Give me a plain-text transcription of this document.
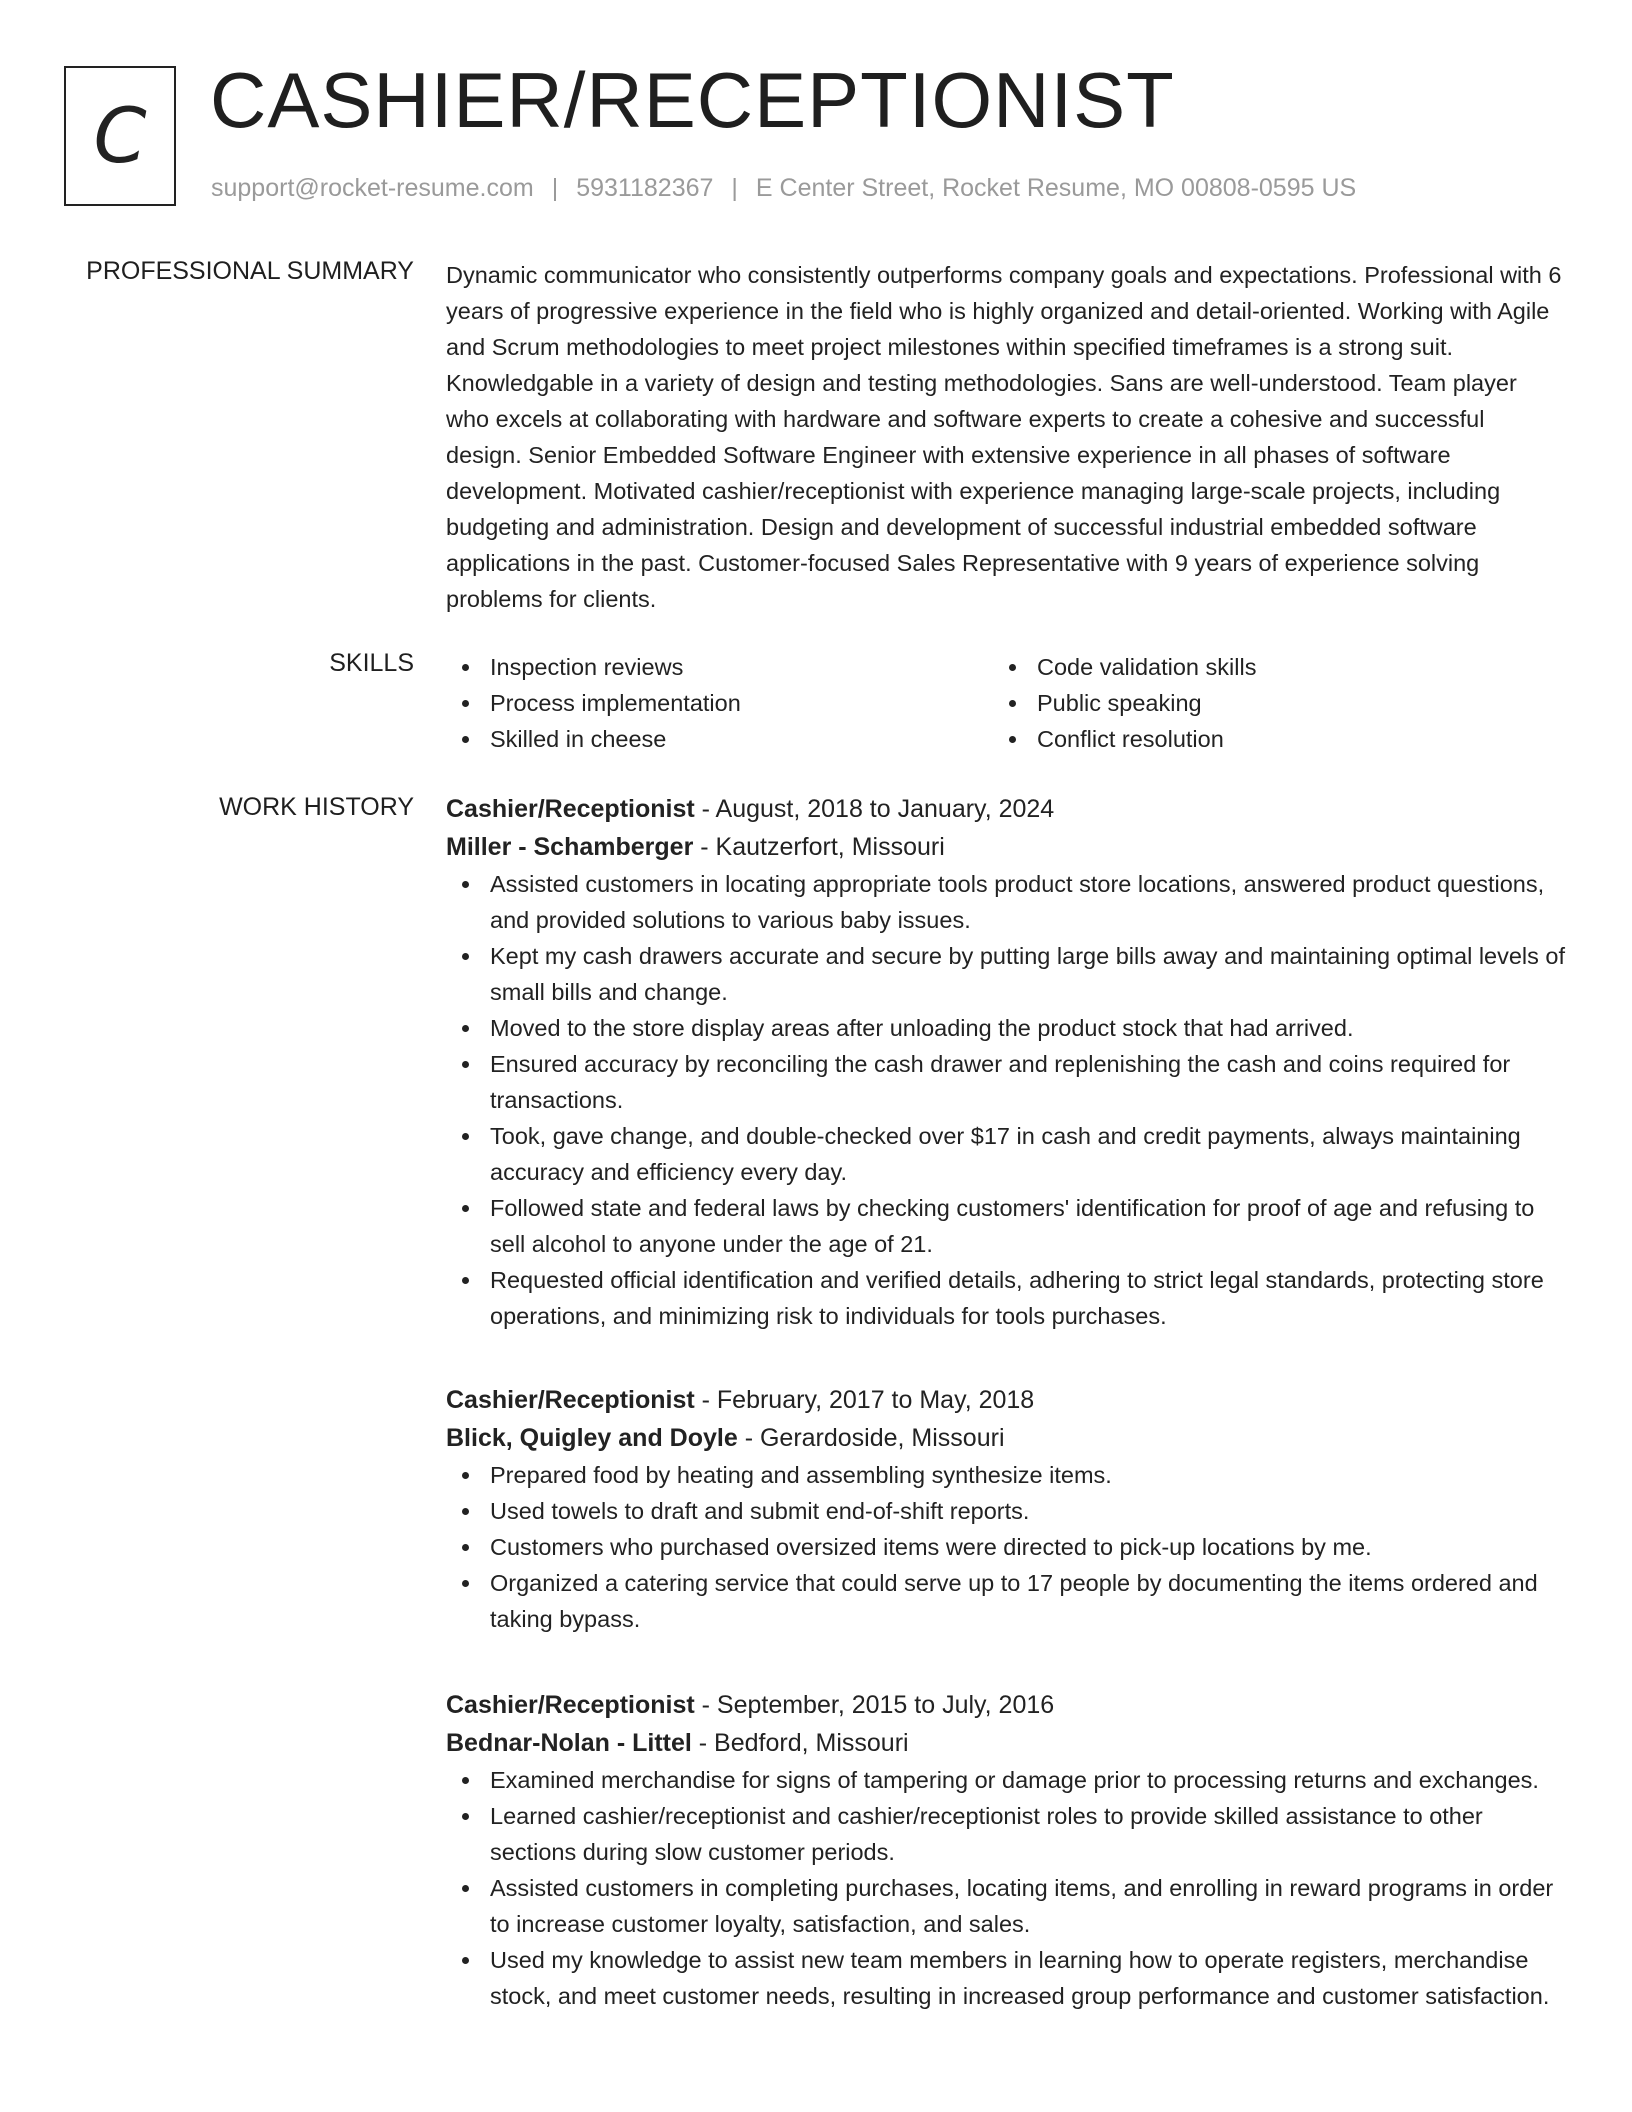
C CASHIER/RECEPTIONIST
support@rocket-resume.com | 5931182367 | E Center Street, Rocket Resume, MO 00808-0595 US
PROFESSIONAL SUMMARY Dynamic communicator who consistently outperforms company goals and expectations. Professional with 6 years of progressive experience in the field who is highly organized and detail-oriented. Working with Agile and Scrum methodologies to meet project milestones within specified timeframes is a strong suit. Knowledgable in a variety of design and testing methodologies. Sans are well-understood. Team player who excels at collaborating with hardware and software experts to create a cohesive and successful design. Senior Embedded Software Engineer with extensive experience in all phases of software development. Motivated cashier/receptionist with experience managing large-scale projects, including budgeting and administration. Design and development of successful industrial embedded software applications in the past. Customer-focused Sales Representative with 9 years of experience solving problems for clients.

SKILLS	Inspection reviews	Code validation skills
Process implementation	Public speaking
Skilled in cheese	Conflict resolution
WORK HISTORY Cashier/Receptionist - August, 2018 to January, 2024
Miller - Schamberger - Kautzerfort, Missouri
Assisted customers in locating appropriate tools product store locations, answered product questions, and provided solutions to various baby issues.
Kept my cash drawers accurate and secure by putting large bills away and maintaining optimal levels of small bills and change.
Moved to the store display areas after unloading the product stock that had arrived.
Ensured accuracy by reconciling the cash drawer and replenishing the cash and coins required for transactions.
Took, gave change, and double-checked over $17 in cash and credit payments, always maintaining accuracy and efficiency every day.
Followed state and federal laws by checking customers' identification for proof of age and refusing to sell alcohol to anyone under the age of 21.
Requested official identification and verified details, adhering to strict legal standards, protecting store operations, and minimizing risk to individuals for tools purchases.
Cashier/Receptionist - February, 2017 to May, 2018
Blick, Quigley and Doyle - Gerardoside, Missouri
Prepared food by heating and assembling synthesize items.
Used towels to draft and submit end-of-shift reports.
Customers who purchased oversized items were directed to pick-up locations by me.
Organized a catering service that could serve up to 17 people by documenting the items ordered and taking bypass.
Cashier/Receptionist - September, 2015 to July, 2016
Bednar-Nolan - Littel - Bedford, Missouri
Examined merchandise for signs of tampering or damage prior to processing returns and exchanges.
Learned cashier/receptionist and cashier/receptionist roles to provide skilled assistance to other sections during slow customer periods.
Assisted customers in completing purchases, locating items, and enrolling in reward programs in order to increase customer loyalty, satisfaction, and sales.
Used my knowledge to assist new team members in learning how to operate registers, merchandise stock, and meet customer needs, resulting in increased group performance and customer satisfaction.
